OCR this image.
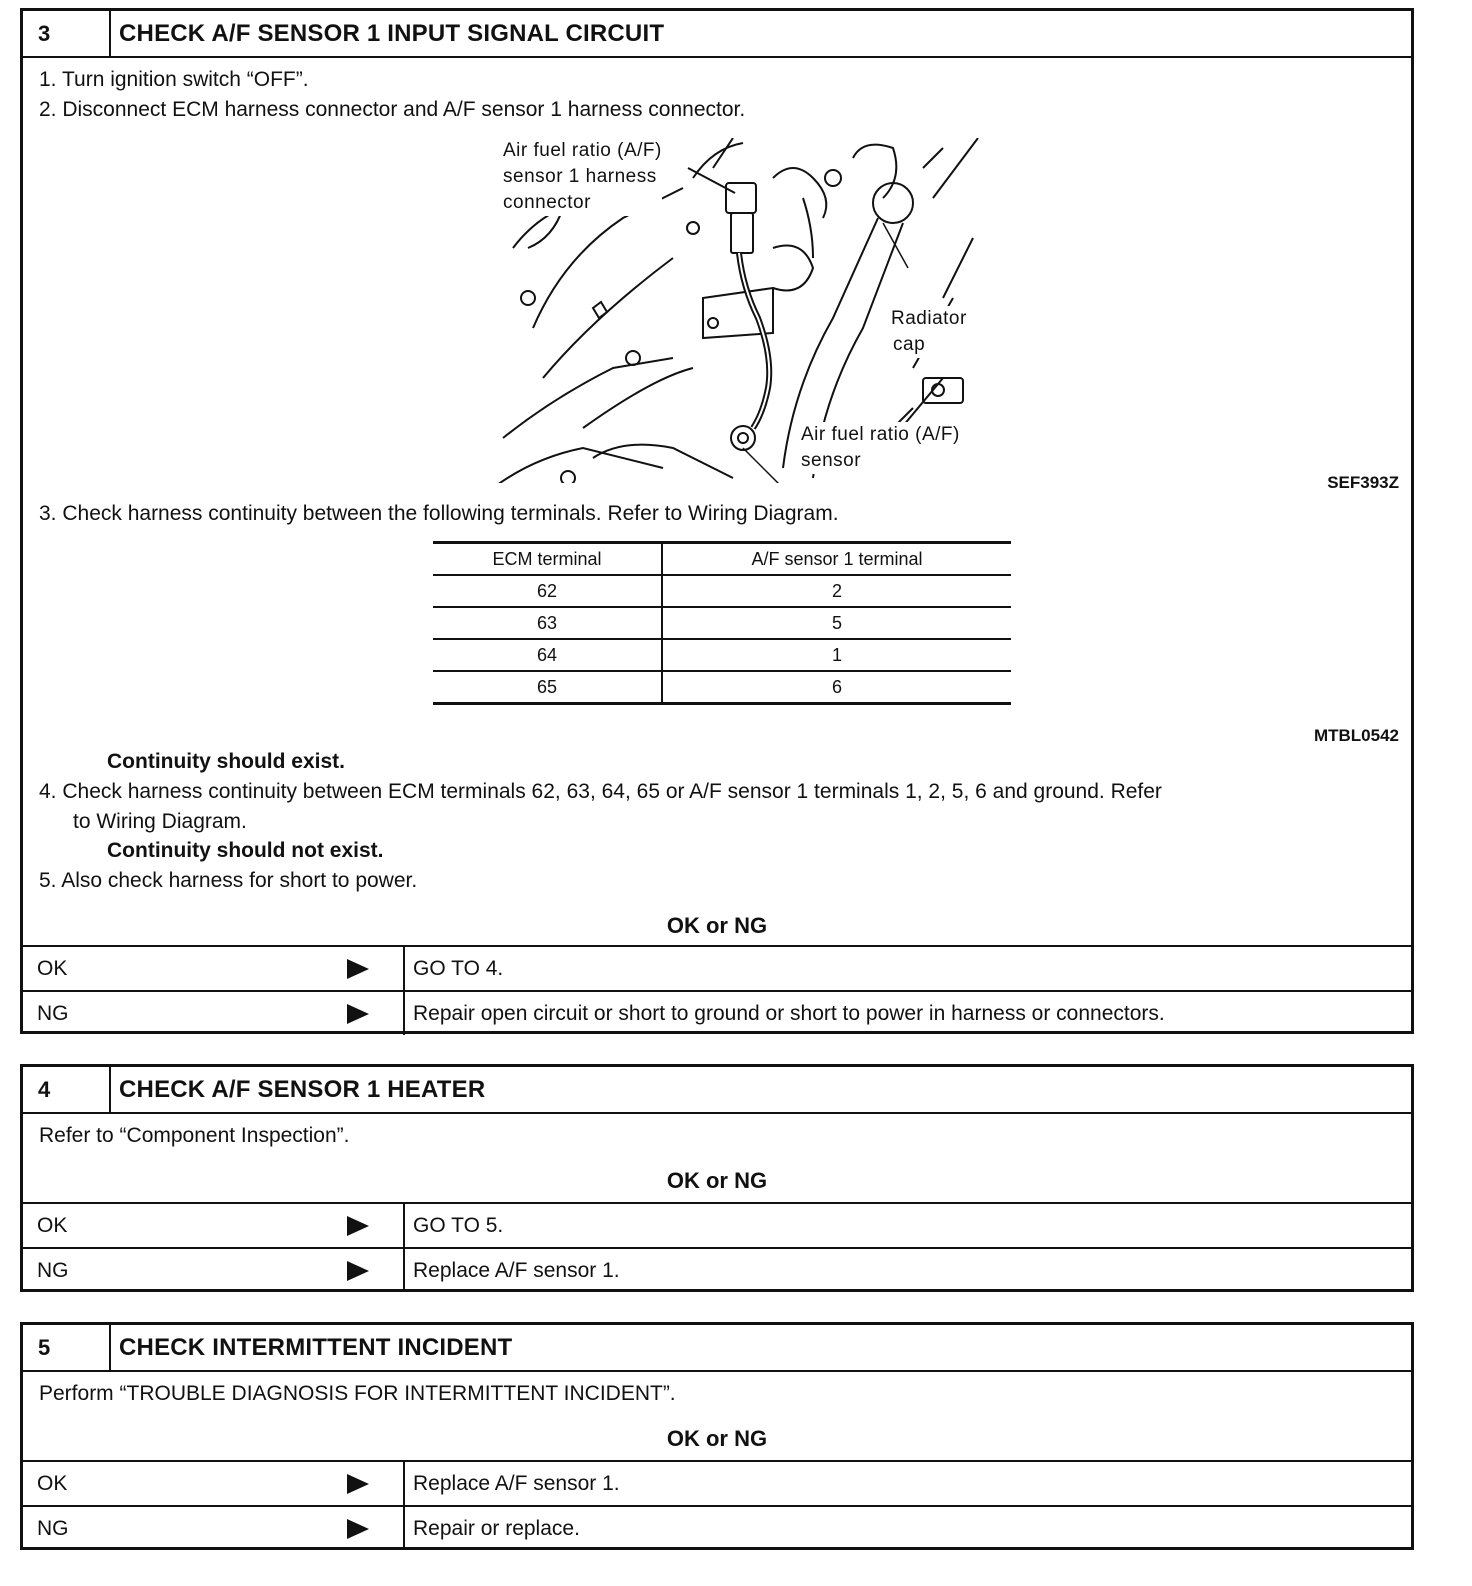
3	CHECK A/F SENSOR 1 INPUT SIGNAL CIRCUIT
1. Turn ignition switch “OFF”.
2. Disconnect ECM harness connector and A/F sensor 1 harness connector.
Air fuel ratio (A/F)
sensor 1 harness
connector
Radiator
cap
Air fuel ratio (A/F)
sensor
SEF393Z
3. Check harness continuity between the following terminals. Refer to Wiring Diagram.
ECM terminal	A/F sensor 1 terminal
62	2
63	5
64	1
65	6
MTBL0542
Continuity should exist.
4. Check harness continuity between ECM terminals 62, 63, 64, 65 or A/F sensor 1 terminals 1, 2, 5, 6 and ground. Refer
to Wiring Diagram.
Continuity should not exist.
5. Also check harness for short to power.
OK or NG
OK	GO TO 4.
NG	Repair open circuit or short to ground or short to power in harness or connectors.
4	CHECK A/F SENSOR 1 HEATER
Refer to “Component Inspection”.
OK or NG
OK	GO TO 5.
NG	Replace A/F sensor 1.
5	CHECK INTERMITTENT INCIDENT
Perform “TROUBLE DIAGNOSIS FOR INTERMITTENT INCIDENT”.
OK or NG
OK	Replace A/F sensor 1.
NG	Repair or replace.
